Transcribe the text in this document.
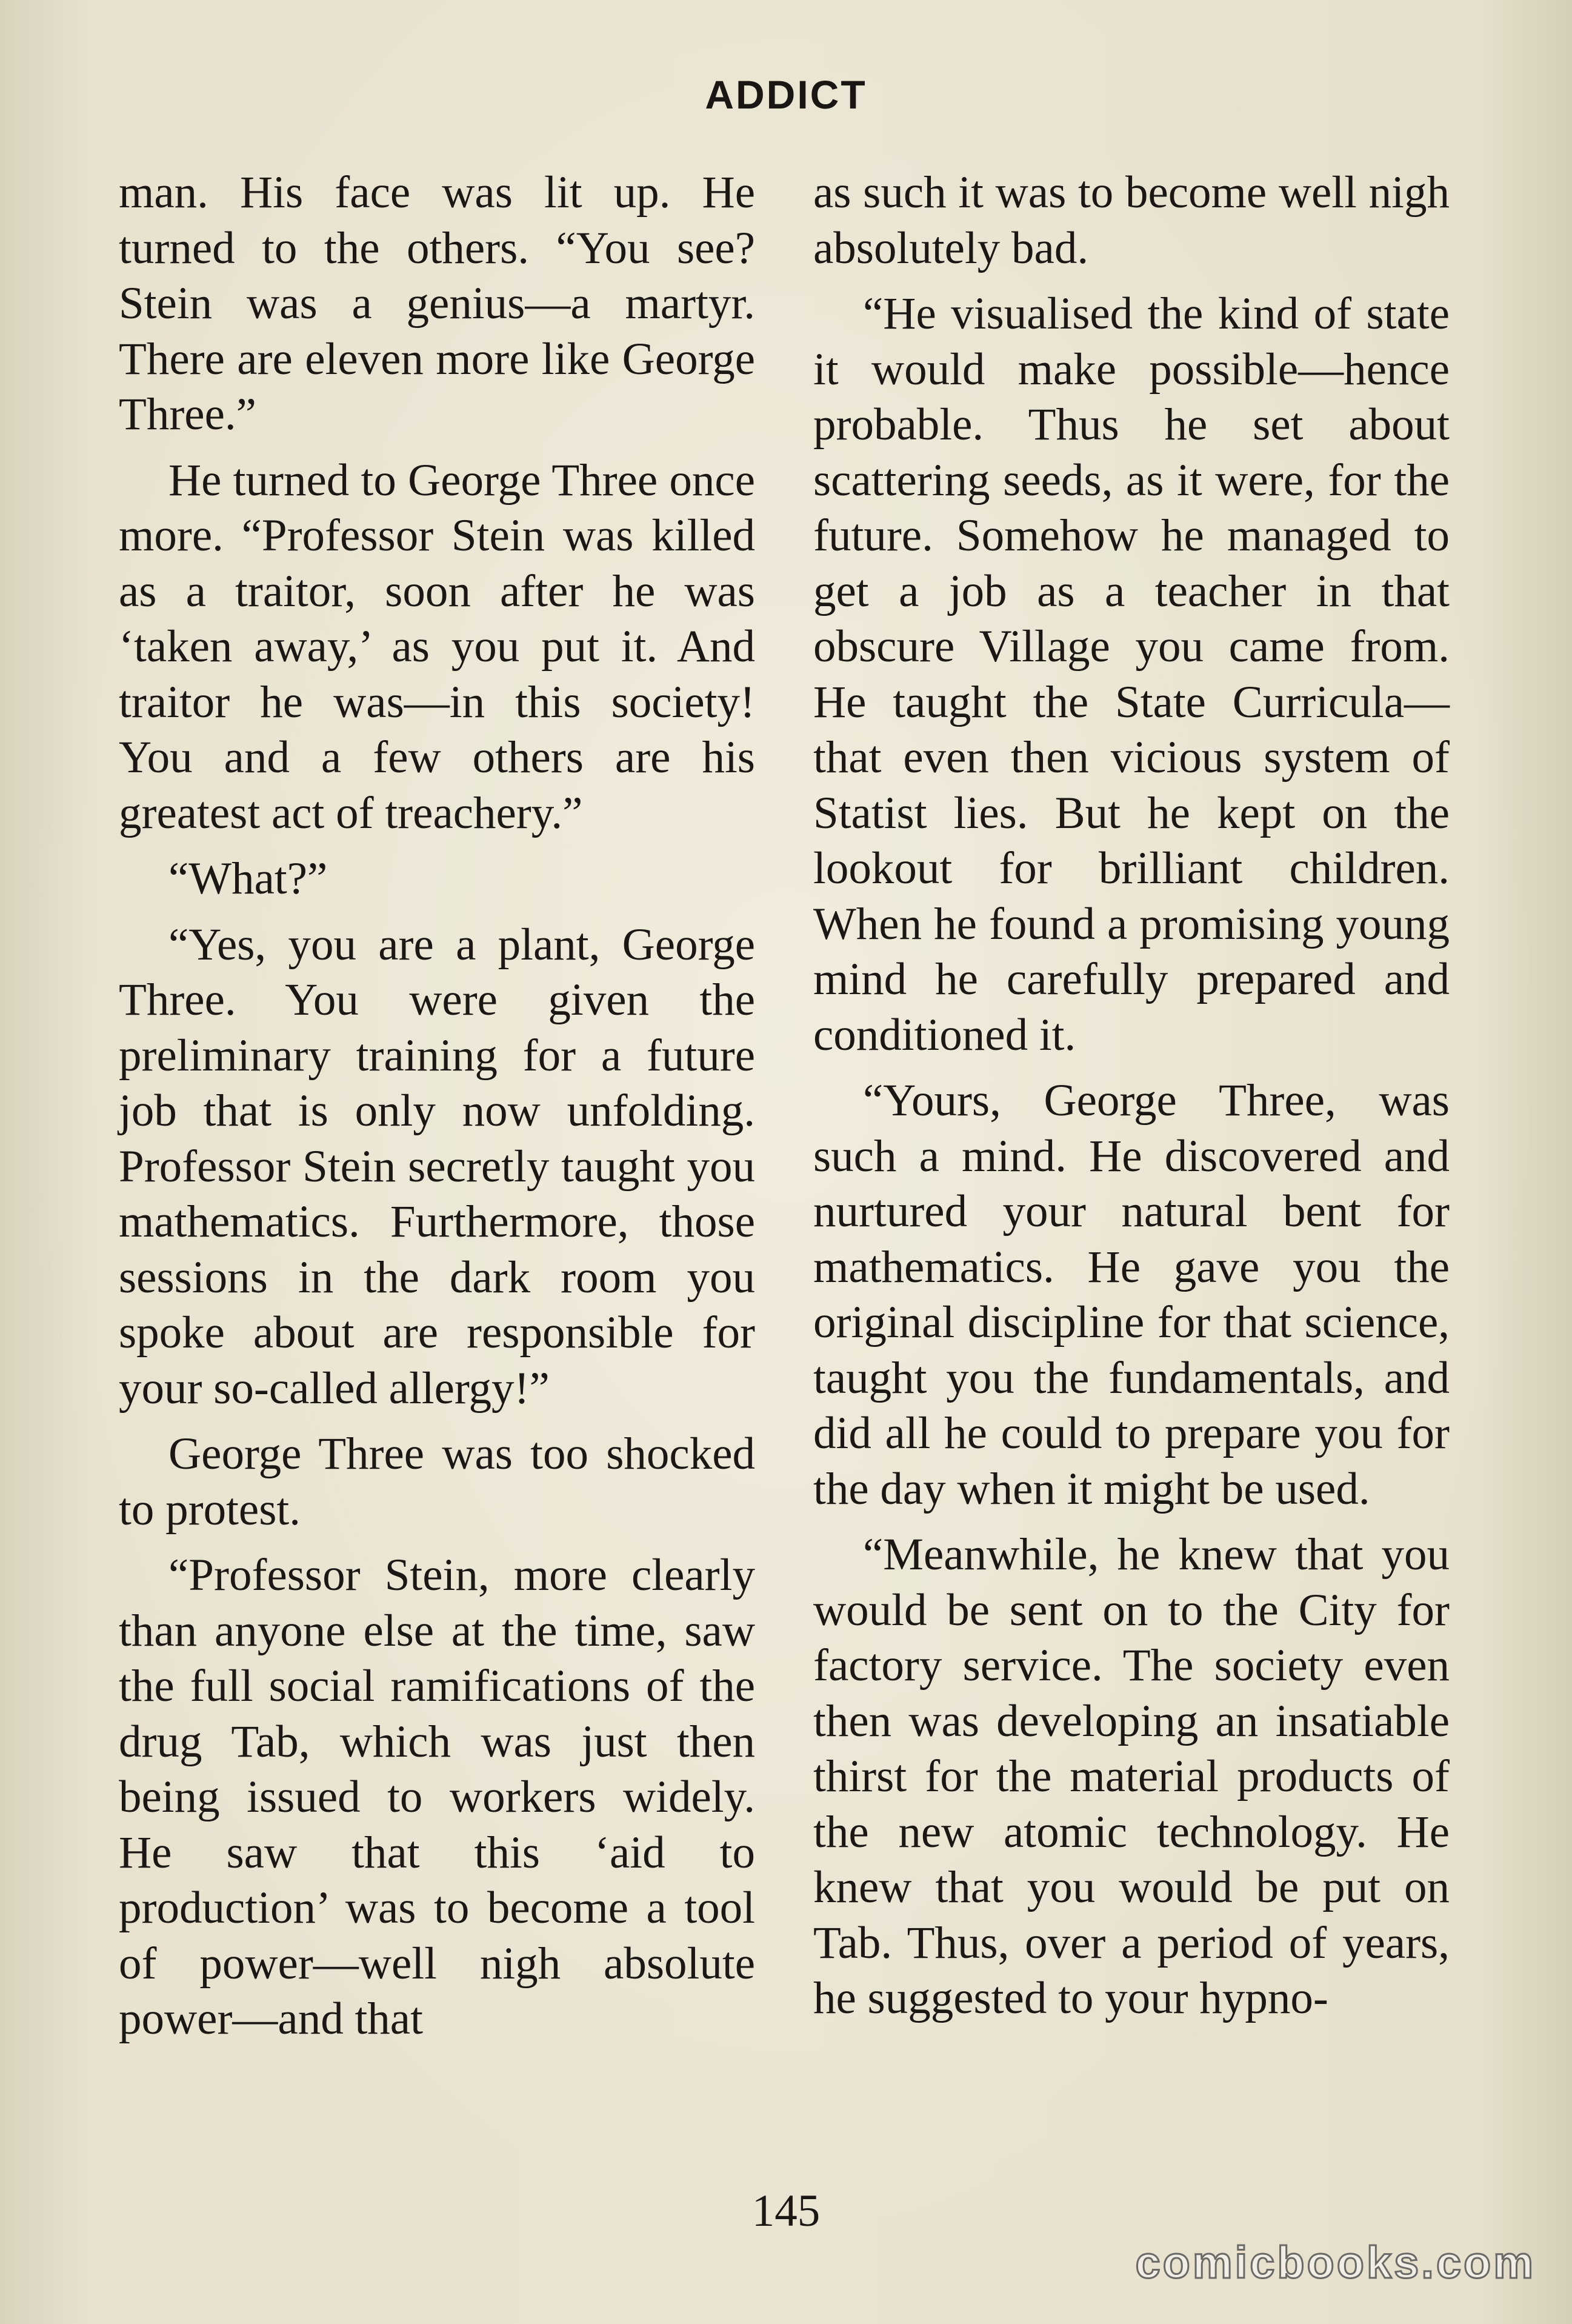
ADDICT

man. His face was lit up. He turned to the others. “You see? Stein was a genius—a martyr. There are eleven more like George Three.”

He turned to George Three once more. “Professor Stein was killed as a traitor, soon after he was ‘taken away,’ as you put it. And traitor he was—in this society! You and a few others are his greatest act of treachery.”

“What?”

“Yes, you are a plant, George Three. You were given the preliminary training for a future job that is only now unfolding. Professor Stein secretly taught you mathematics. Furthermore, those sessions in the dark room you spoke about are responsible for your so-called allergy!”

George Three was too shocked to protest.

“Professor Stein, more clearly than anyone else at the time, saw the full social ramifications of the drug Tab, which was just then being issued to workers widely. He saw that this ‘aid to production’ was to become a tool of power—well nigh absolute power—and that

as such it was to become well nigh absolutely bad.

“He visualised the kind of state it would make possible—hence probable. Thus he set about scattering seeds, as it were, for the future. Somehow he managed to get a job as a teacher in that obscure Village you came from. He taught the State Curricula—that even then vicious system of Statist lies. But he kept on the lookout for brilliant children. When he found a promising young mind he carefully prepared and conditioned it.

“Yours, George Three, was such a mind. He discovered and nurtured your natural bent for mathematics. He gave you the original discipline for that science, taught you the fundamentals, and did all he could to prepare you for the day when it might be used.

“Meanwhile, he knew that you would be sent on to the City for factory service. The society even then was developing an insatiable thirst for the material products of the new atomic technology. He knew that you would be put on Tab. Thus, over a period of years, he suggested to your hypno-

145
comicbooks.com
